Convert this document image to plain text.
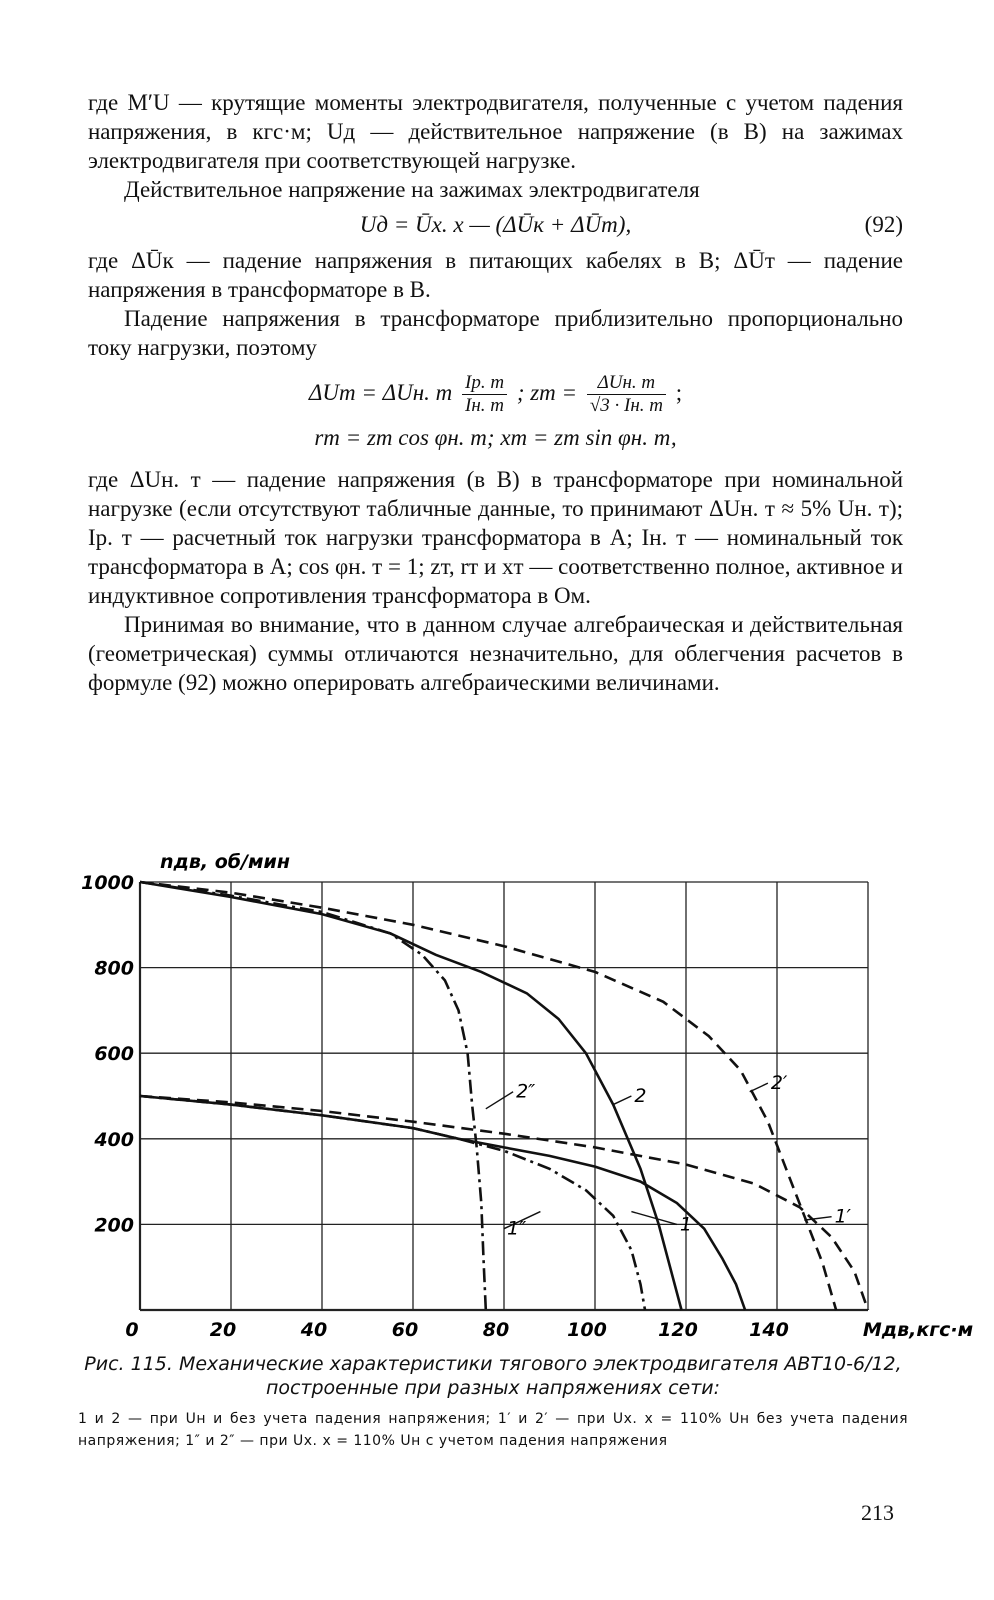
где M′U — крутящие моменты электродвигателя, полученные с учетом падения напряжения, в кгс·м; Uд — действительное напряжение (в В) на зажимах электродвигателя при соответствующей нагрузке.

Действительное напряжение на зажимах электродвигателя

Uд = Ūх. х — (ΔŪк + ΔŪт),	(92)

где ΔŪк — падение напряжения в питающих кабелях в В; ΔŪт — падение напряжения в трансформаторе в В.

Падение напряжения в трансформаторе приблизительно пропорционально току нагрузки, поэтому

ΔUт = ΔUн. т $\frac{Iр. т}{Iн. т}$ ; zт = $\frac{\text{ΔUн. т}}{√3 \cdot Iн. т}$ ;
rт = zт cos φн. т; xт = zт sin φн. т,

где ΔUн. т — падение напряжения (в В) в трансформаторе при номинальной нагрузке (если отсутствуют табличные данные, то принимают ΔUн. т ≈ 5% Uн. т); Iр. т — расчетный ток нагрузки трансформатора в А; Iн. т — номинальный ток трансформатора в А; cos φн. т = 1; zт, rт и xт — соответственно полное, активное и индуктивное сопротивления трансформатора в Ом.

Принимая во внимание, что в данном случае алгебраическая и действительная (геометрическая) суммы отличаются незначительно, для облегчения расчетов в формуле (92) можно оперировать алгебраическими величинами.

0	20	40	60	80	100	120	140
200
400
600
800
1000
Mдв,кгс·м
nдв, об/мин
1	1′
1″
2
2′
2″
Рис. 115. Механические характеристики тягового электродвигателя АВТ10-6/12,
построенные при разных напряжениях сети:
1 и 2 — при Uн и без учета падения напряжения; 1′ и 2′ — при Uх. х = 110% Uн без учета падения напряжения; 1″ и 2″ — при Uх. х = 110% Uн с учетом падения напряжения
213
